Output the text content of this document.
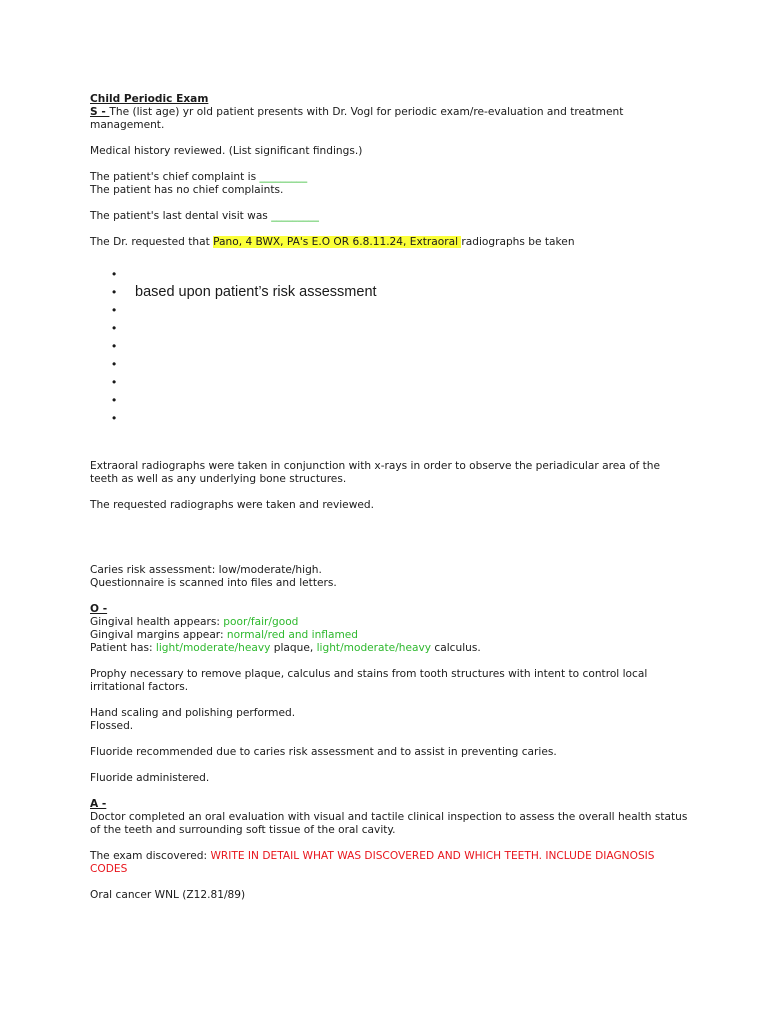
Child Periodic Exam

S - The (list age) yr old patient presents with Dr. Vogl for periodic exam/re-evaluation and treatment management.

Medical history reviewed. (List significant findings.)

The patient's chief complaint is _________

The patient has no chief complaints.

The patient's last dental visit was _________

The Dr. requested that Pano, 4 BWX, PA's E.O OR 6.8.11.24, Extraoral radiographs be taken

•
• based upon patient’s risk assessment
•
•
•
•
•
•
•

Extraoral radiographs were taken in conjunction with x-rays in order to observe the periadicular area of the teeth as well as any underlying bone structures.

The requested radiographs were taken and reviewed.

Caries risk assessment: low/moderate/high.

Questionnaire is scanned into files and letters.

O -

Gingival health appears: poor/fair/good

Gingival margins appear: normal/red and inflamed

Patient has: light/moderate/heavy plaque, light/moderate/heavy calculus.

Prophy necessary to remove plaque, calculus and stains from tooth structures with intent to control local irritational factors.

Hand scaling and polishing performed.

Flossed.

Fluoride recommended due to caries risk assessment and to assist in preventing caries.

Fluoride administered.

A -

Doctor completed an oral evaluation with visual and tactile clinical inspection to assess the overall health status of the teeth and surrounding soft tissue of the oral cavity.

The exam discovered: WRITE IN DETAIL WHAT WAS DISCOVERED AND WHICH TEETH. INCLUDE DIAGNOSIS CODES

Oral cancer WNL (Z12.81/89)
